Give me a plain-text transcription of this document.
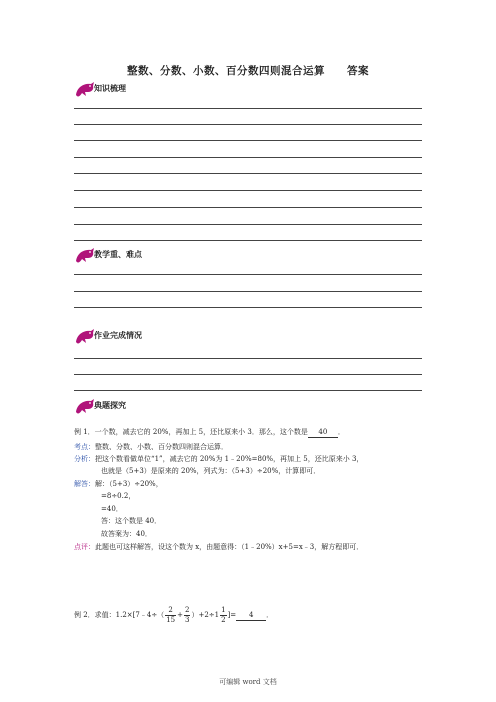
整数、分数、小数、百分数四则混合运算 答案
知识梳理
教学重、难点
作业完成情况
典题探究
例 1．一个数，减去它的 20%，再加上 5，还比原来小 3．那么，这个数是 40 ．
考点：整数、分数、小数、百分数四则混合运算．
分析：把这个数看做单位“1”，减去它的 20%为 1﹣20%=80%，再加上 5，还比原来小 3，
也就是（5+3）是原来的 20%，列式为：（5+3）÷20%，计算即可．
解答：解：（5+3）÷20%，
=8÷0.2，
=40．
答：这个数是 40．
故答案为：40．
点评：此题也可这样解答，设这个数为 x，由题意得：（1﹣20%）x+5=x﹣3，解方程即可．
例 2．求值：1.2×[7﹣4÷（ $\frac{2}{15} + \frac{2}{3} )+2\div 1 \frac{1}{2}$ ]= 4 ．
可编辑 word 文档
